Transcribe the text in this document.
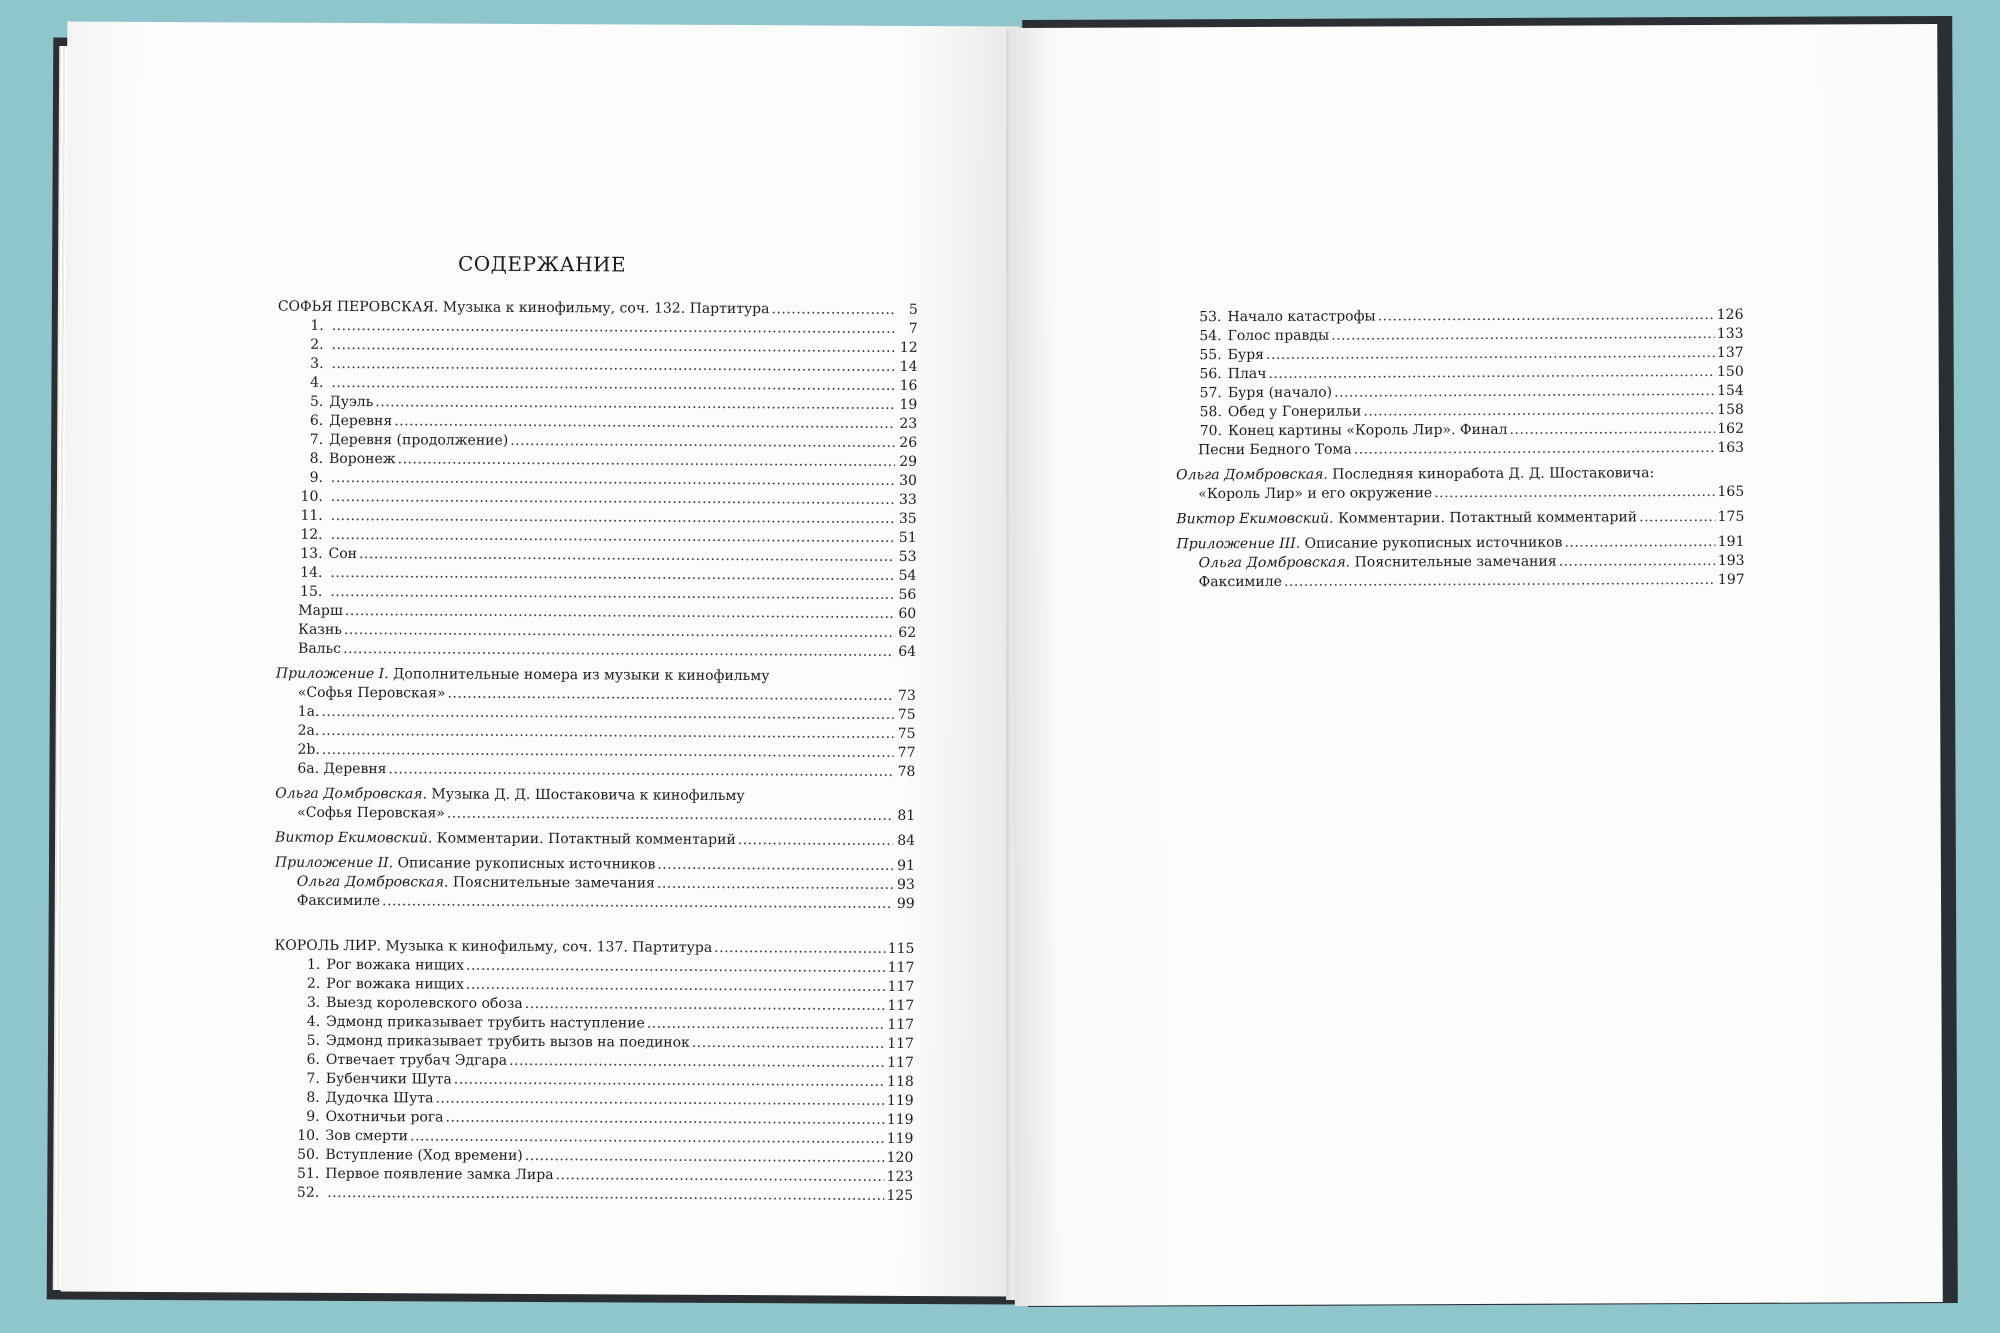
СОДЕРЖАНИЕ
СОФЬЯ ПЕРОВСКАЯ. Музыка к кинофильму, соч. 132. Партитура .....	5
1. .....	7
2. .....	12
3. .....	14
4. .....	16
5. Дуэль .....	19
6. Деревня .....	23
7. Деревня (продолжение) .....	26
8. Воронеж .....	29
9. .....	30
10. .....	33
11. .....	35
12. .....	51
13. Сон .....	53
14. .....	54
15. .....	56
Марш .....	60
Казнь .....	62
Вальс .....	64
Приложение I. Дополнительные номера из музыки к кинофильму
«Софья Перовская» .....	73
1a. .....	75
2a. .....	75
2b. .....	77
6a. Деревня .....	78
Ольга Домбровская. Музыка Д. Д. Шостаковича к кинофильму
«Софья Перовская» .....	81
Виктор Екимовский. Комментарии. Потактный комментарий .....	84
Приложение II. Описание рукописных источников .....	91
Ольга Домбровская. Пояснительные замечания .....	93
Факсимиле .....	99
КОРОЛЬ ЛИР. Музыка к кинофильму, соч. 137. Партитура .....	115
1. Рог вожака нищих .....	117
2. Рог вожака нищих .....	117
3. Выезд королевского обоза .....	117
4. Эдмонд приказывает трубить наступление .....	117
5. Эдмонд приказывает трубить вызов на поединок .....	117
6. Отвечает трубач Эдгара .....	117
7. Бубенчики Шута .....	118
8. Дудочка Шута .....	119
9. Охотничьи рога .....	119
10. Зов смерти .....	119
50. Вступление (Ход времени) .....	120
51. Первое появление замка Лира .....	123
52. .....	125
53. Начало катастрофы .....	126
54. Голос правды .....	133
55. Буря .....	137
56. Плач .....	150
57. Буря (начало) .....	154
58. Обед у Гонерильи .....	158
70. Конец картины «Король Лир». Финал .....	162
Песни Бедного Тома .....	163
Ольга Домбровская. Последняя киноработа Д. Д. Шостаковича:
«Король Лир» и его окружение .....	165
Виктор Екимовский. Комментарии. Потактный комментарий .....	175
Приложение III. Описание рукописных источников .....	191
Ольга Домбровская. Пояснительные замечания .....	193
Факсимиле .....	197
